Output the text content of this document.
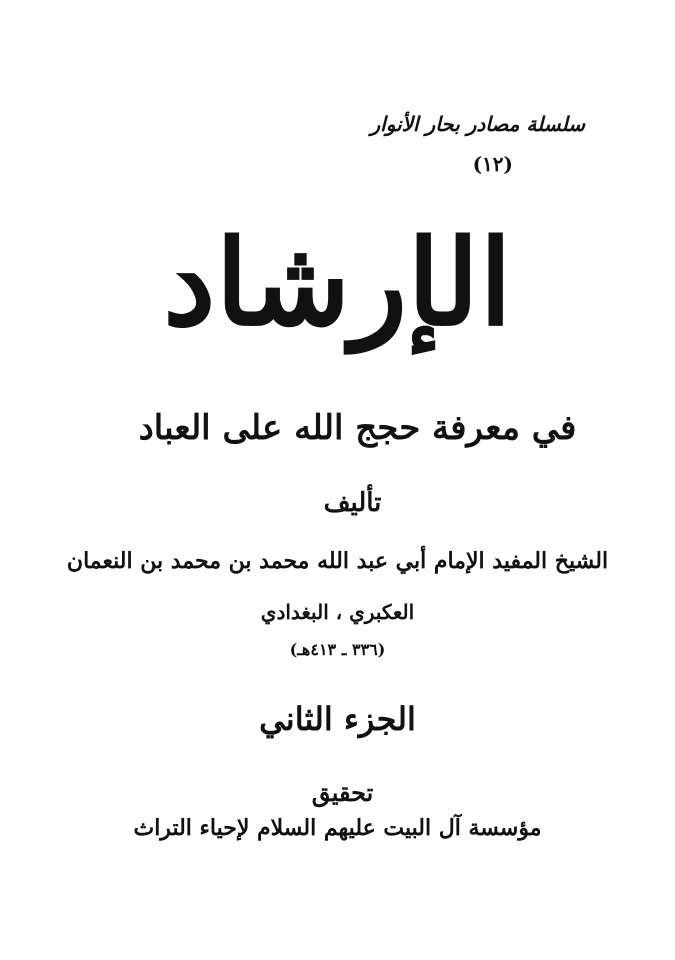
سلسلة مصادر بحار الأنوار
(١٢)
الإرشاد
في معرفة حجج الله على العباد
تأليف
الشيخ المفيد الإمام أبي عبد الله محمد بن محمد بن النعمان
العكبري ، البغدادي
(٣٣٦ ـ ٤١٣هـ)
الجزء الثاني
تحقيق
مؤسسة آل البيت عليهم السلام لإحياء التراث
